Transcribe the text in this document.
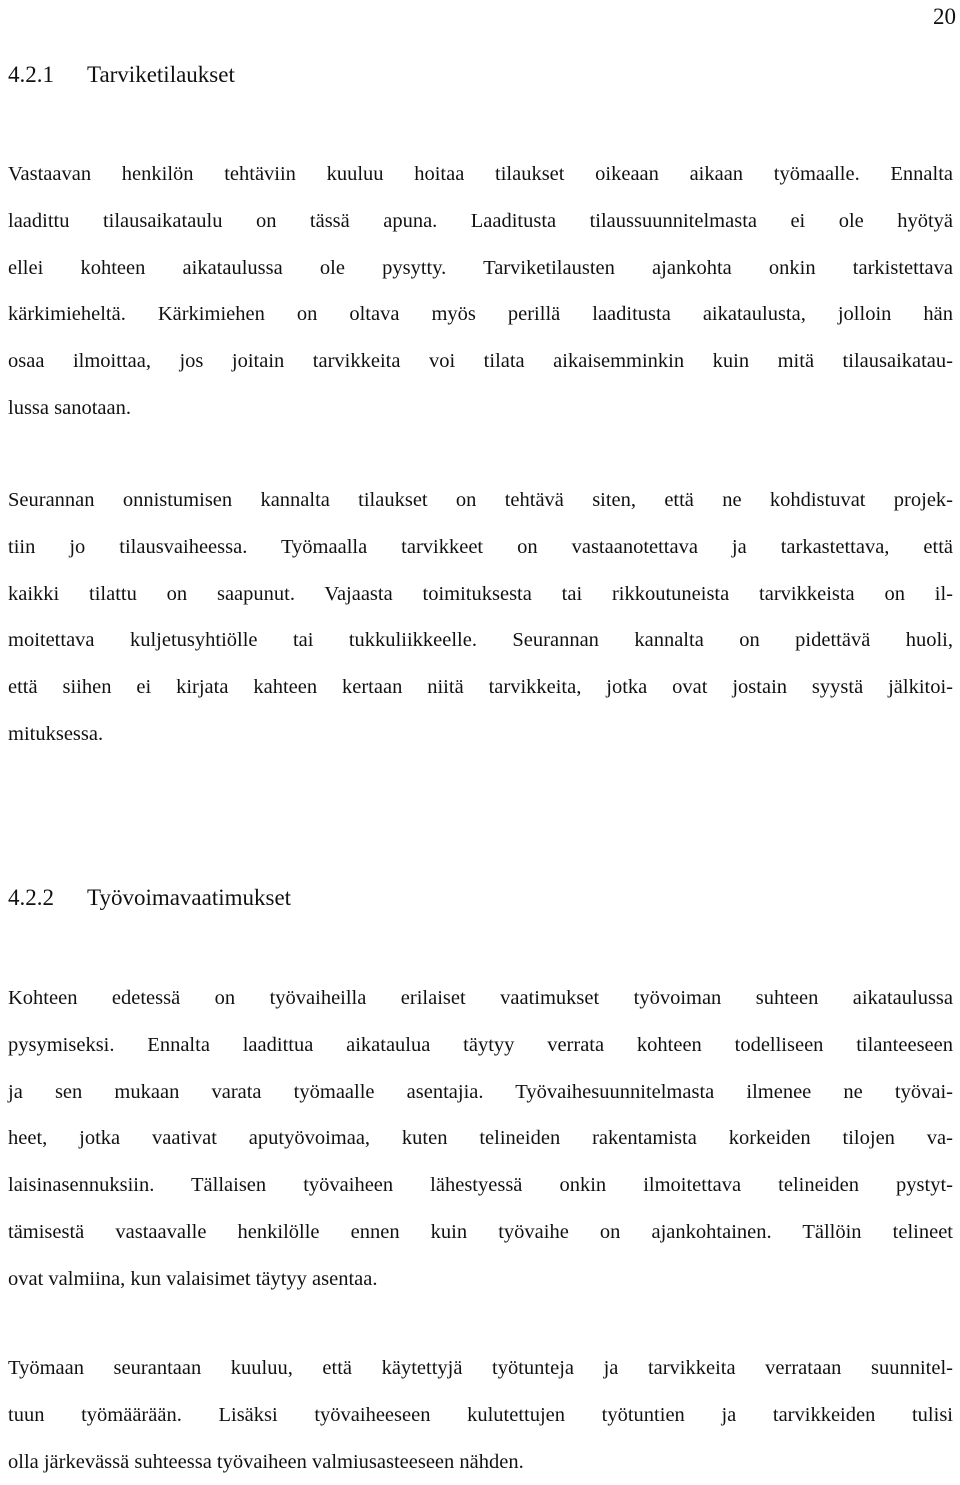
20
4.2.1 Tarviketilaukset
Vastaavan henkilön tehtäviin kuuluu hoitaa tilaukset oikeaan aikaan työmaalle. Ennalta
laadittu tilausaikataulu on tässä apuna. Laaditusta tilaussuunnitelmasta ei ole hyötyä
ellei kohteen aikataulussa ole pysytty. Tarviketilausten ajankohta onkin tarkistettava
kärkimieheltä. Kärkimiehen on oltava myös perillä laaditusta aikataulusta, jolloin hän
osaa ilmoittaa, jos joitain tarvikkeita voi tilata aikaisemminkin kuin mitä tilausaikatau-
lussa sanotaan.
Seurannan onnistumisen kannalta tilaukset on tehtävä siten, että ne kohdistuvat projek-
tiin jo tilausvaiheessa. Työmaalla tarvikkeet on vastaanotettava ja tarkastettava, että
kaikki tilattu on saapunut. Vajaasta toimituksesta tai rikkoutuneista tarvikkeista on il-
moitettava kuljetusyhtiölle tai tukkuliikkeelle. Seurannan kannalta on pidettävä huoli,
että siihen ei kirjata kahteen kertaan niitä tarvikkeita, jotka ovat jostain syystä jälkitoi-
mituksessa.
4.2.2 Työvoimavaatimukset
Kohteen edetessä on työvaiheilla erilaiset vaatimukset työvoiman suhteen aikataulussa
pysymiseksi. Ennalta laadittua aikataulua täytyy verrata kohteen todelliseen tilanteeseen
ja sen mukaan varata työmaalle asentajia. Työvaihesuunnitelmasta ilmenee ne työvai-
heet, jotka vaativat aputyövoimaa, kuten telineiden rakentamista korkeiden tilojen va-
laisinasennuksiin. Tällaisen työvaiheen lähestyessä onkin ilmoitettava telineiden pystyt-
tämisestä vastaavalle henkilölle ennen kuin työvaihe on ajankohtainen. Tällöin telineet
ovat valmiina, kun valaisimet täytyy asentaa.
Työmaan seurantaan kuuluu, että käytettyjä työtunteja ja tarvikkeita verrataan suunnitel-
tuun työmäärään. Lisäksi työvaiheeseen kulutettujen työtuntien ja tarvikkeiden tulisi
olla järkevässä suhteessa työvaiheen valmiusasteeseen nähden.
